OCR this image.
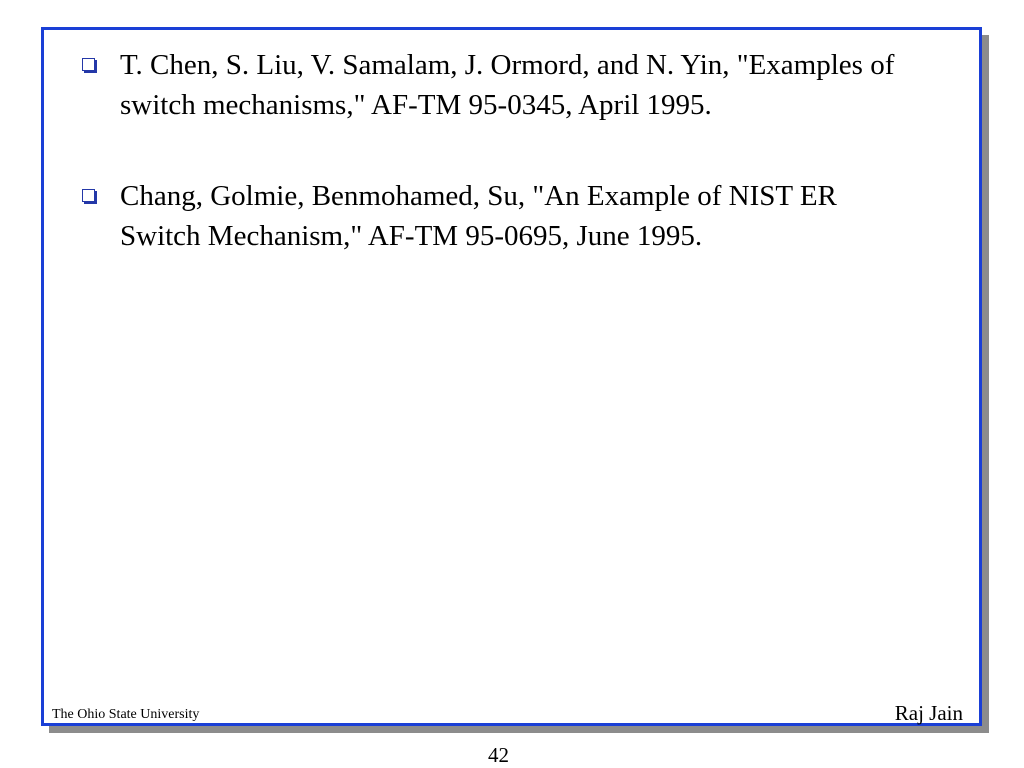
T. Chen, S. Liu, V. Samalam, J. Ormord, and N. Yin, "Examples of switch mechanisms," AF-TM 95-0345, April 1995.
Chang, Golmie, Benmohamed, Su, "An Example of NIST ER Switch Mechanism," AF-TM 95-0695, June 1995.
The Ohio State University	Raj Jain
42
